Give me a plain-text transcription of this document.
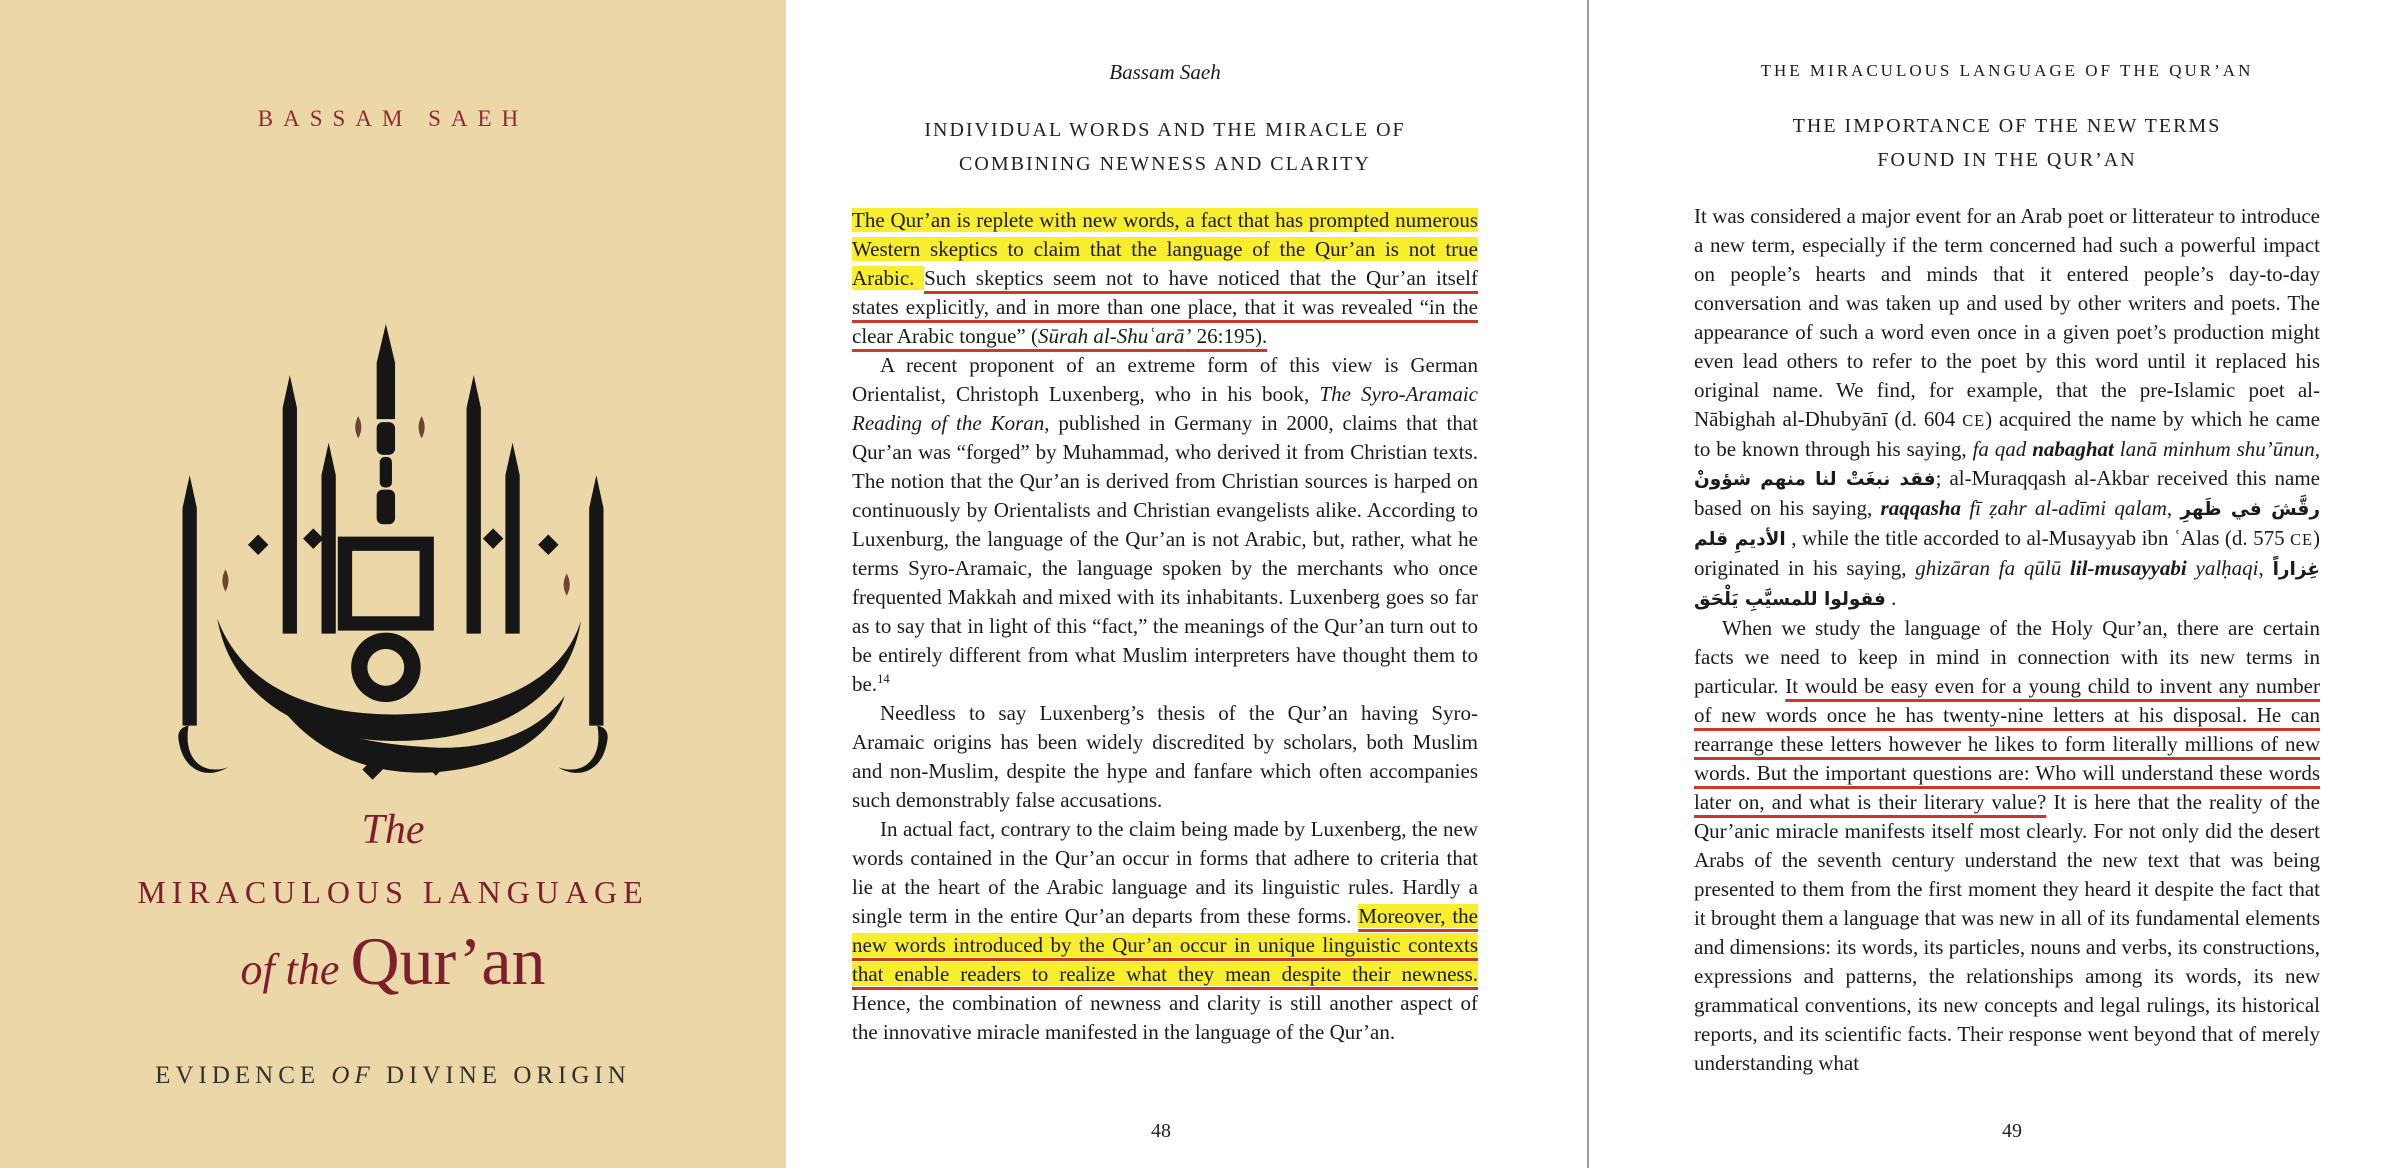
BASSAM SAEH
The
MIRACULOUS LANGUAGE
of the Qur’an
EVIDENCE OF DIVINE ORIGIN
Bassam Saeh
INDIVIDUAL WORDS AND THE MIRACLE OF
COMBINING NEWNESS AND CLARITY

The Qur’an is replete with new words, a fact that has prompted numerous Western skeptics to claim that the language of the Qur’an is not true Arabic. Such skeptics seem not to have noticed that the Qur’an itself states explicitly, and in more than one place, that it was revealed “in the clear Arabic tongue” (Sūrah al-Shuʿarā’ 26:195).

A recent proponent of an extreme form of this view is German Orientalist, Christoph Luxenberg, who in his book, The Syro-Aramaic Reading of the Koran, published in Germany in 2000, claims that that Qur’an was “forged” by Muhammad, who derived it from Christian texts. The notion that the Qur’an is derived from Christian sources is harped on continuously by Orientalists and Christian evangelists alike. According to Luxenburg, the language of the Qur’an is not Arabic, but, rather, what he terms Syro-Aramaic, the language spoken by the merchants who once frequented Makkah and mixed with its inhabitants. Luxenberg goes so far as to say that in light of this “fact,” the meanings of the Qur’an turn out to be entirely different from what Muslim interpreters have thought them to be.$^{14}$

Needless to say Luxenberg’s thesis of the Qur’an having Syro-Aramaic origins has been widely discredited by scholars, both Muslim and non-Muslim, despite the hype and fanfare which often accompanies such demonstrably false accusations.

In actual fact, contrary to the claim being made by Luxenberg, the new words contained in the Qur’an occur in forms that adhere to criteria that lie at the heart of the Arabic language and its linguistic rules. Hardly a single term in the entire Qur’an departs from these forms. Moreover, the new words introduced by the Qur’an occur in unique linguistic contexts that enable readers to realize what they mean despite their newness. Hence, the combination of newness and clarity is still another aspect of the innovative miracle manifested in the language of the Qur’an.

48
THE MIRACULOUS LANGUAGE OF THE QUR’AN
THE IMPORTANCE OF THE NEW TERMS
FOUND IN THE QUR’AN

It was considered a major event for an Arab poet or litterateur to introduce a new term, especially if the term concerned had such a powerful impact on people’s hearts and minds that it entered people’s day-to-day conversation and was taken up and used by other writers and poets. The appearance of such a word even once in a given poet’s production might even lead others to refer to the poet by this word until it replaced his original name. We find, for example, that the pre-Islamic poet al-Nābighah al-Dhubyānī (d. 604 CE) acquired the name by which he came to be known through his saying, fa qad nabaghat lanā minhum shu’ūnun, فقد نبغَتْ لنا منهم شؤونْ; al-Muraqqash al-Akbar received this name based on his saying, raqqasha fī ẓahr al-adīmi qalam, رقَّشَ في ظَهرِ الأديمِ قلم , while the title accorded to al-Musayyab ibn ʿAlas (d. 575 CE) originated in his saying, ghizāran fa qūlū lil-musayyabi yalḥaqi, غِزاراً فقولوا للمسيَّبِ يَلْحَق .

When we study the language of the Holy Qur’an, there are certain facts we need to keep in mind in connection with its new terms in particular. It would be easy even for a young child to invent any number of new words once he has twenty-nine letters at his disposal. He can rearrange these letters however he likes to form literally millions of new words. But the important questions are: Who will understand these words later on, and what is their literary value? It is here that the reality of the Qur’anic miracle manifests itself most clearly. For not only did the desert Arabs of the seventh century understand the new text that was being presented to them from the first moment they heard it despite the fact that it brought them a language that was new in all of its fundamental elements and dimensions: its words, its particles, nouns and verbs, its constructions, expressions and patterns, the relationships among its words, its new grammatical conventions, its new concepts and legal rulings, its historical reports, and its scientific facts. Their response went beyond that of merely understanding what

49
